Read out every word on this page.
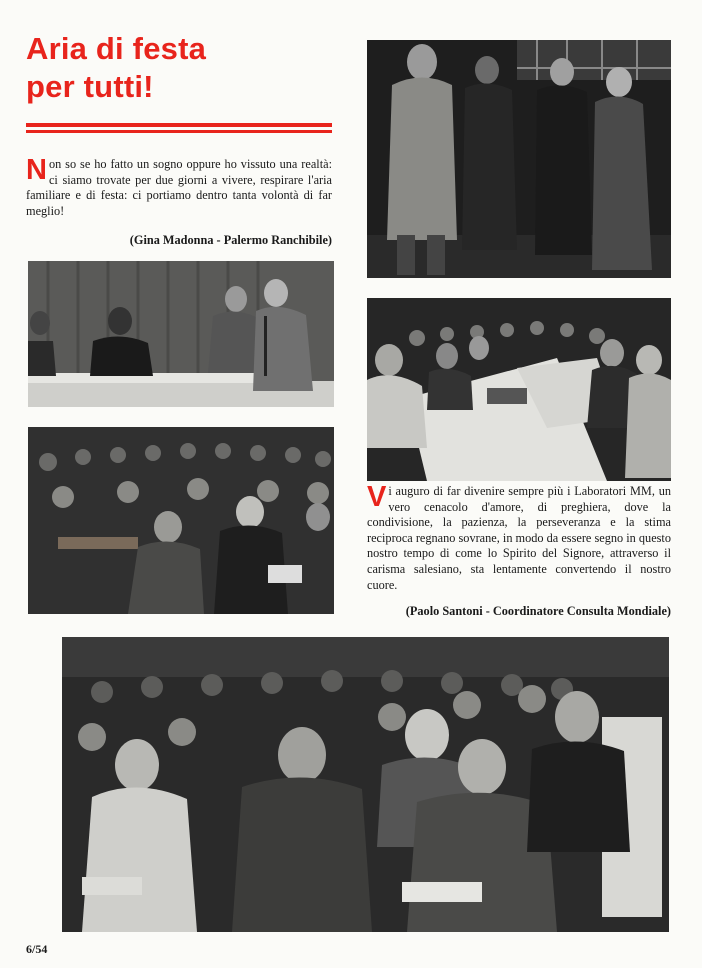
Aria di festa
per tutti!
Non so se ho fatto un sogno oppure ho vissuto una realtà: ci siamo trovate per due giorni a vivere, respirare l'aria familiare e di festa: ci portiamo dentro tanta volontà di far meglio!
(Gina Madonna - Palermo Ranchibile)
Vi auguro di far divenire sempre più i Laboratori MM, un vero cenacolo d'amore, di preghiera, dove la condivisione, la pazienza, la perseveranza e la stima reciproca regnano sovrane, in modo da essere segno in questo nostro tempo di come lo Spirito del Signore, attraverso il carisma salesiano, sta lentamente convertendo il nostro cuore.
(Paolo Santoni - Coordinatore Consulta Mondiale)
6/54
